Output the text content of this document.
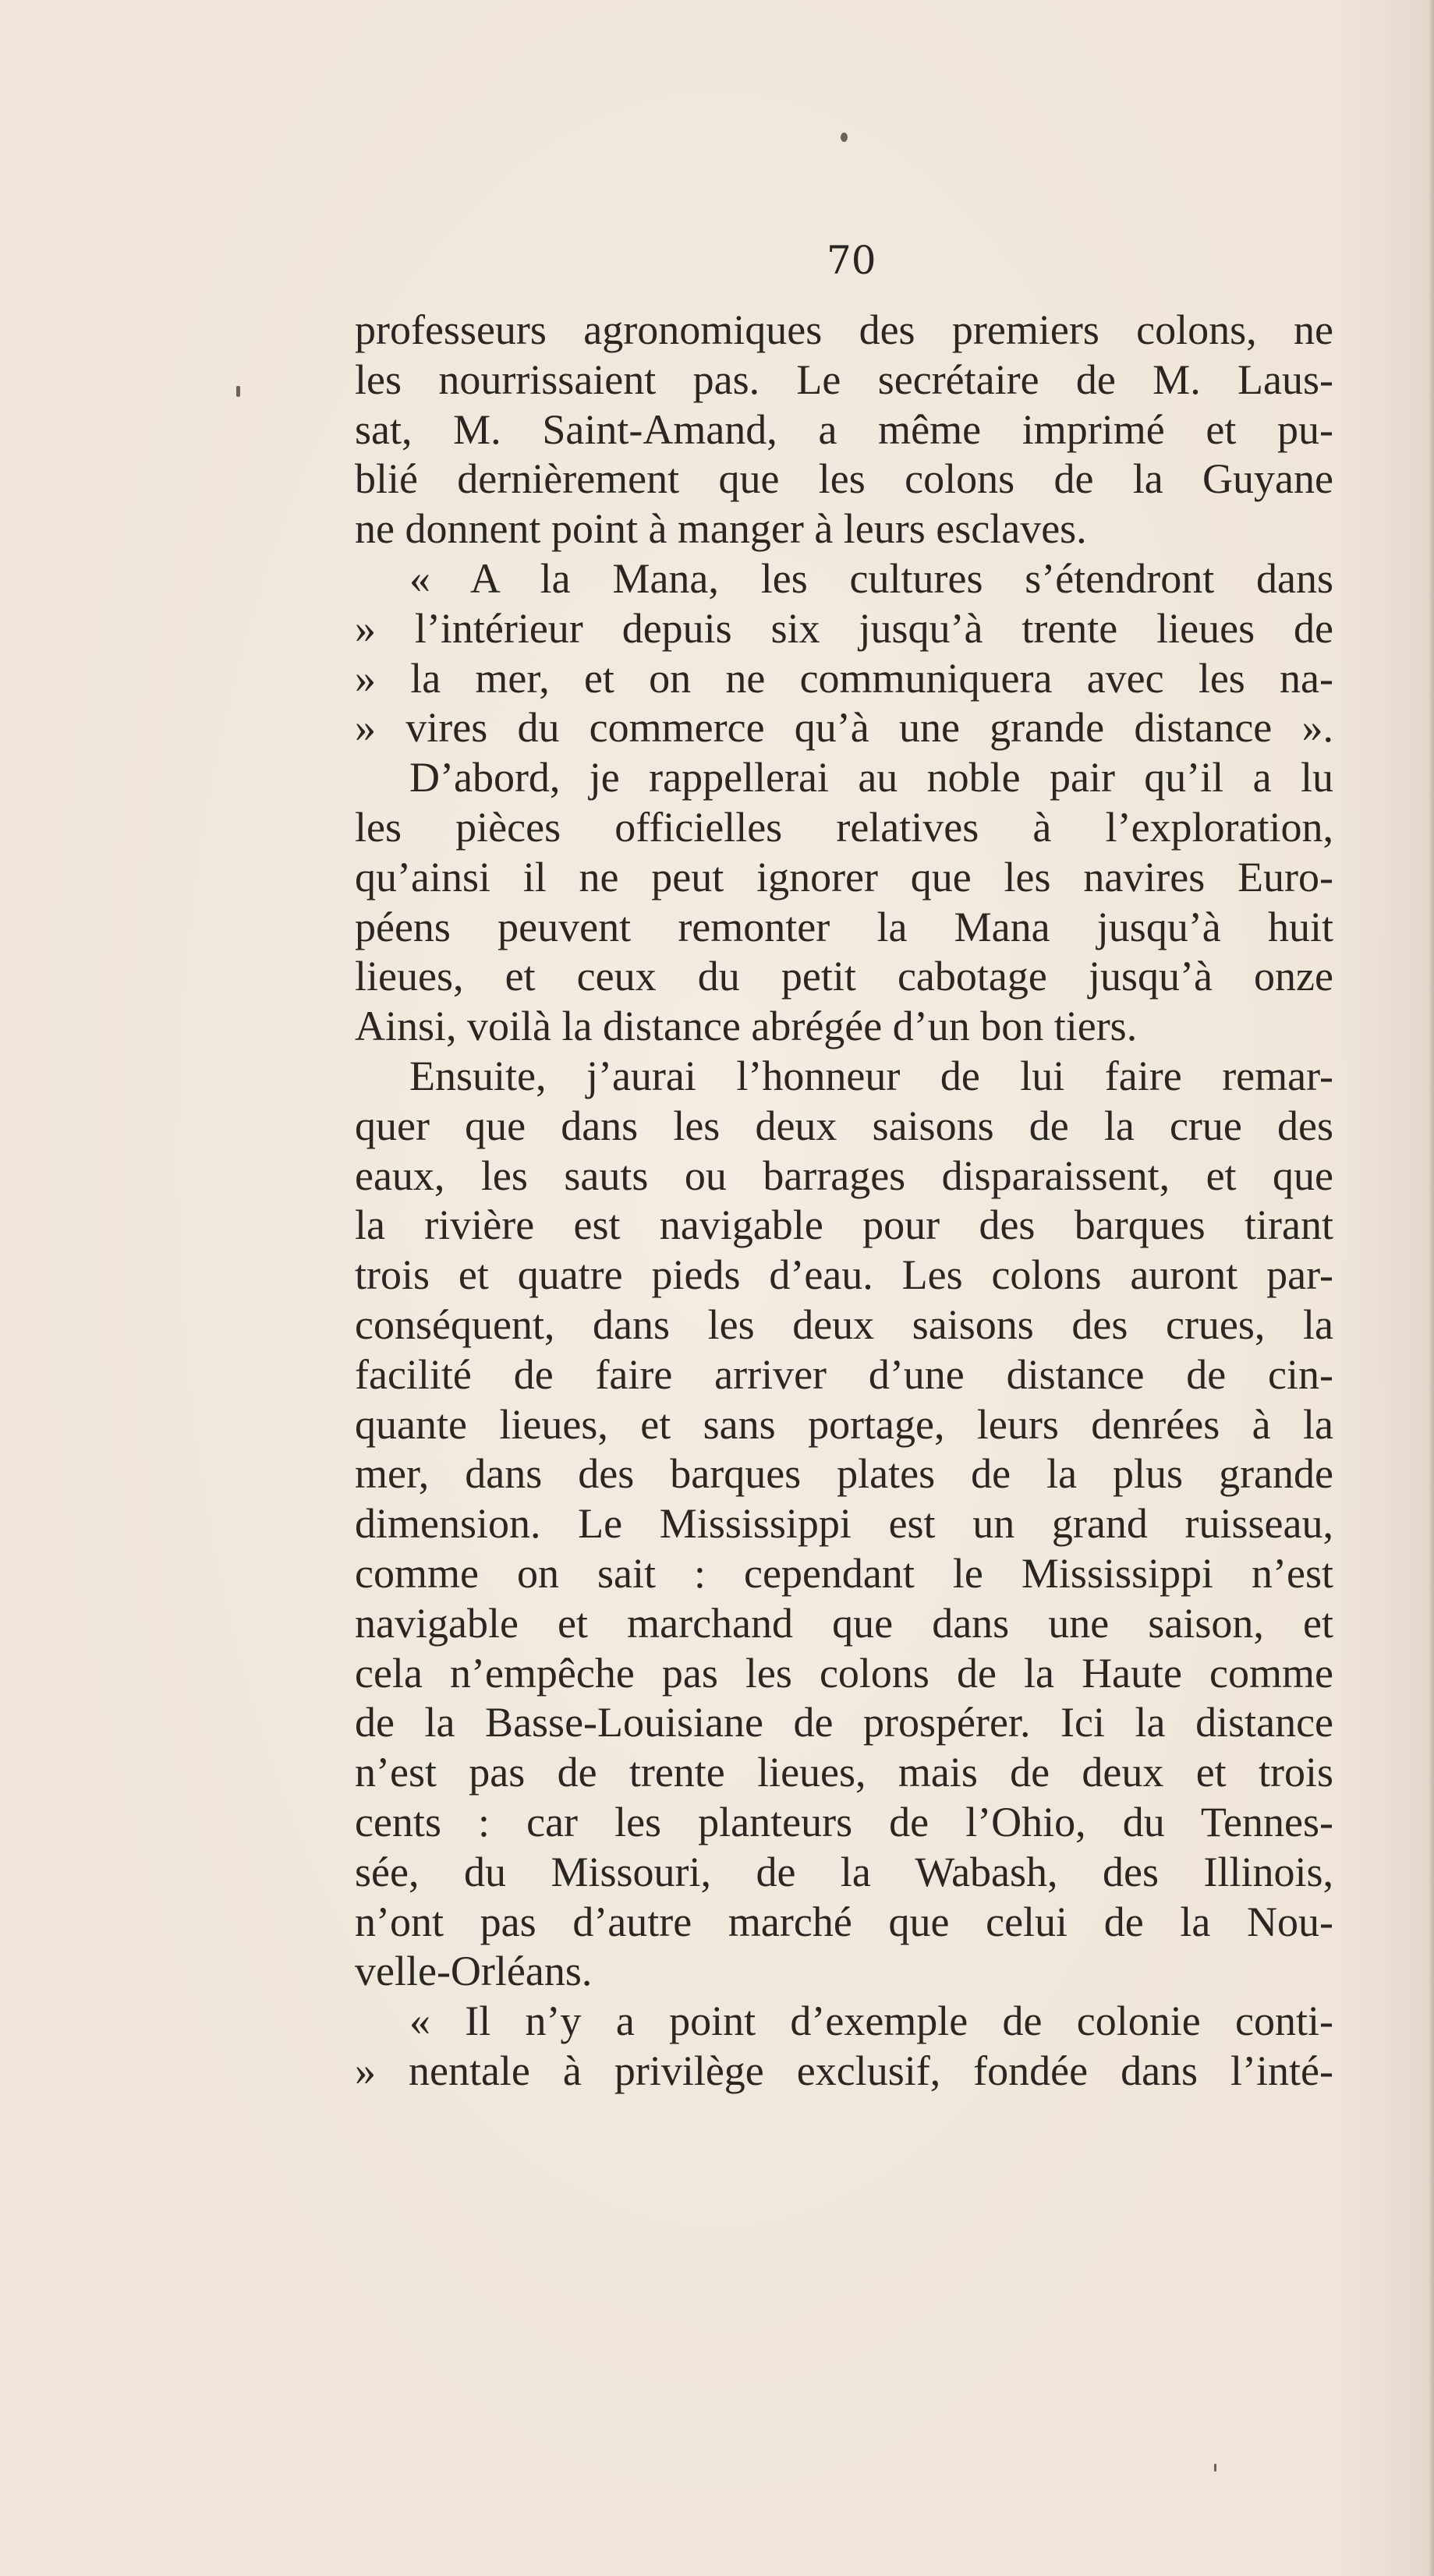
70
professeurs agronomiques des premiers colons, ne
les nourrissaient pas. Le secrétaire de M. Laus-
sat, M. Saint-Amand, a même imprimé et pu-
blié dernièrement que les colons de la Guyane
ne donnent point à manger à leurs esclaves.
« A la Mana, les cultures s’étendront dans
» l’intérieur depuis six jusqu’à trente lieues de
» la mer, et on ne communiquera avec les na-
» vires du commerce qu’à une grande distance ».
D’abord, je rappellerai au noble pair qu’il a lu
les pièces officielles relatives à l’exploration,
qu’ainsi il ne peut ignorer que les navires Euro-
péens peuvent remonter la Mana jusqu’à huit
lieues, et ceux du petit cabotage jusqu’à onze
Ainsi, voilà la distance abrégée d’un bon tiers.
Ensuite, j’aurai l’honneur de lui faire remar-
quer que dans les deux saisons de la crue des
eaux, les sauts ou barrages disparaissent, et que
la rivière est navigable pour des barques tirant
trois et quatre pieds d’eau. Les colons auront par-
conséquent, dans les deux saisons des crues, la
facilité de faire arriver d’une distance de cin-
quante lieues, et sans portage, leurs denrées à la
mer, dans des barques plates de la plus grande
dimension. Le Mississippi est un grand ruisseau,
comme on sait : cependant le Mississippi n’est
navigable et marchand que dans une saison, et
cela n’empêche pas les colons de la Haute comme
de la Basse-Louisiane de prospérer. Ici la distance
n’est pas de trente lieues, mais de deux et trois
cents : car les planteurs de l’Ohio, du Tennes-
sée, du Missouri, de la Wabash, des Illinois,
n’ont pas d’autre marché que celui de la Nou-
velle-Orléans.
« Il n’y a point d’exemple de colonie conti-
» nentale à privilège exclusif, fondée dans l’inté-
